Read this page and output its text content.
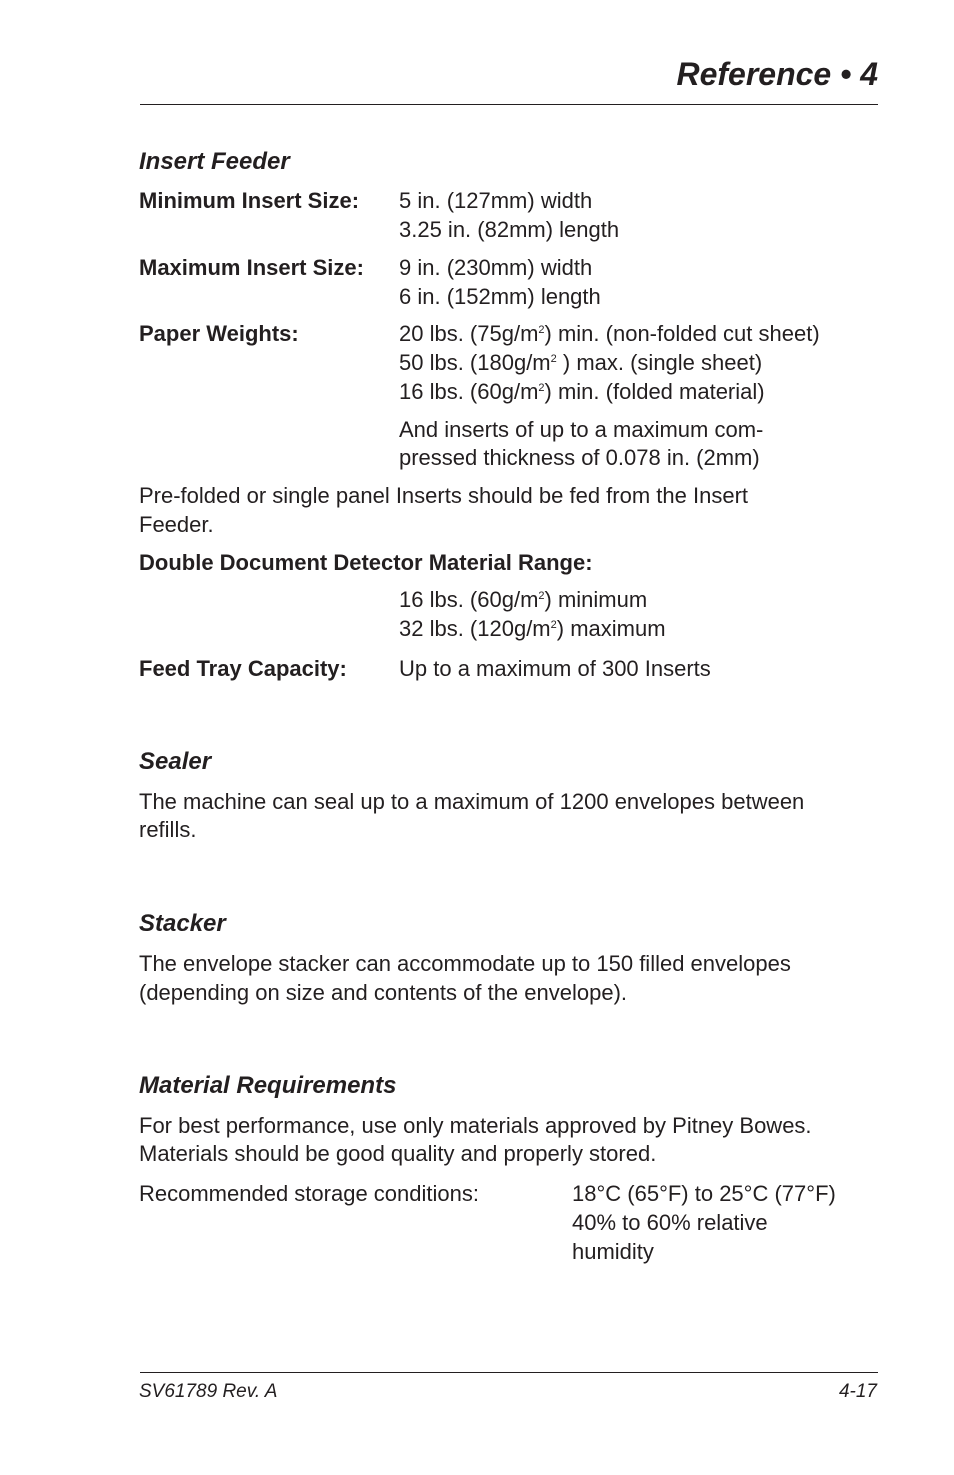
Reference • 4
Insert Feeder
Minimum Insert Size: 5 in. (127mm) width
3.25 in. (82mm) length
Maximum Insert Size: 9 in. (230mm) width
6 in. (152mm) length
Paper Weights:	20 lbs. $(75g/m^2)$ min. (non-folded cut sheet)
50 lbs. ($180g/m^2$ ) max. (single sheet)
16 lbs. $(60g/m^2)$ min. (folded material)
And inserts of up to a maximum com-
pressed thickness of 0.078 in. (2mm)
Pre-folded or single panel Inserts should be fed from the Insert
Feeder.
Double Document Detector Material Range:
16 lbs. $(60g/m^2)$ minimum
32 lbs. $(120g/m^2)$ maximum
Feed Tray Capacity: Up to a maximum of 300 Inserts
Sealer
The machine can seal up to a maximum of 1200 envelopes between
refills.
Stacker
The envelope stacker can accommodate up to 150 filled envelopes
(depending on size and contents of the envelope).
Material Requirements
For best performance, use only materials approved by Pitney Bowes.
Materials should be good quality and properly stored.
Recommended storage conditions:	18°C (65°F) to 25°C (77°F)
40% to 60% relative
humidity
SV61789 Rev. A	4-17
